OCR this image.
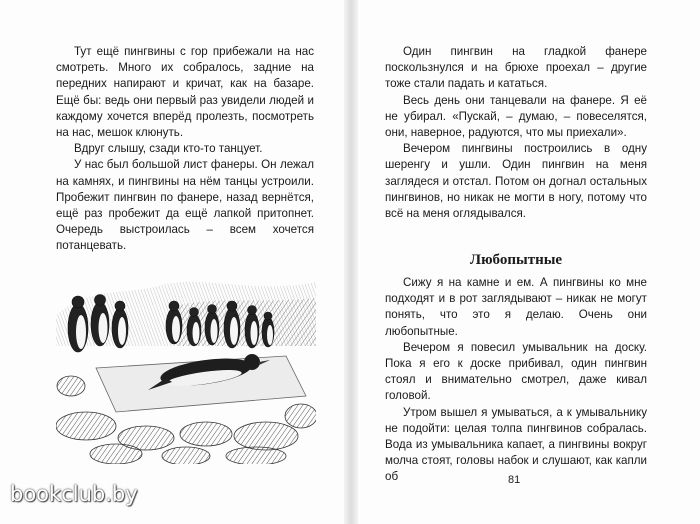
Тут ещё пингвины с гор прибежали на нас смотреть. Много их собралось, задние на передних напирают и кричат, как на базаре. Ещё бы: ведь они первый раз увидели людей и каждому хочется вперёд пролезть, посмотреть на нас, мешок клюнуть.

Вдруг слышу, сзади кто-то танцует.

У нас был большой лист фанеры. Он лежал на камнях, и пингвины на нём танцы устроили. Пробежит пингвин по фанере, назад вернётся, ещё раз пробежит да ещё лапкой притопнет. Очередь выстроилась – всем хочется потанцевать.

Один пингвин на гладкой фанере поскользнулся и на брюхе проехал – другие тоже стали падать и кататься.

Весь день они танцевали на фанере. Я её не убирал. «Пускай, – думаю, – повеселятся, они, наверное, радуются, что мы приехали».

Вечером пингвины построились в одну шеренгу и ушли. Один пингвин на меня заглядеся и отстал. Потом он догнал остальных пингвинов, но никак не могти в ногу, потому что всё на меня оглядывался.

Любопытные

Сижу я на камне и ем. А пингвины ко мне подходят и в рот заглядывают – никак не могут понять, что это я делаю. Очень они любопытные.

Вечером я повесил умывальник на доску. Пока я его к доске прибивал, один пингвин стоял и внимательно смотрел, даже кивал головой.

Утром вышел я умываться, а к умывальнику не подойти: целая толпа пингвинов собралась. Вода из умывальника капает, а пингвины вокруг молча стоят, головы набок и слушают, как капли об	81
bookclub.by
